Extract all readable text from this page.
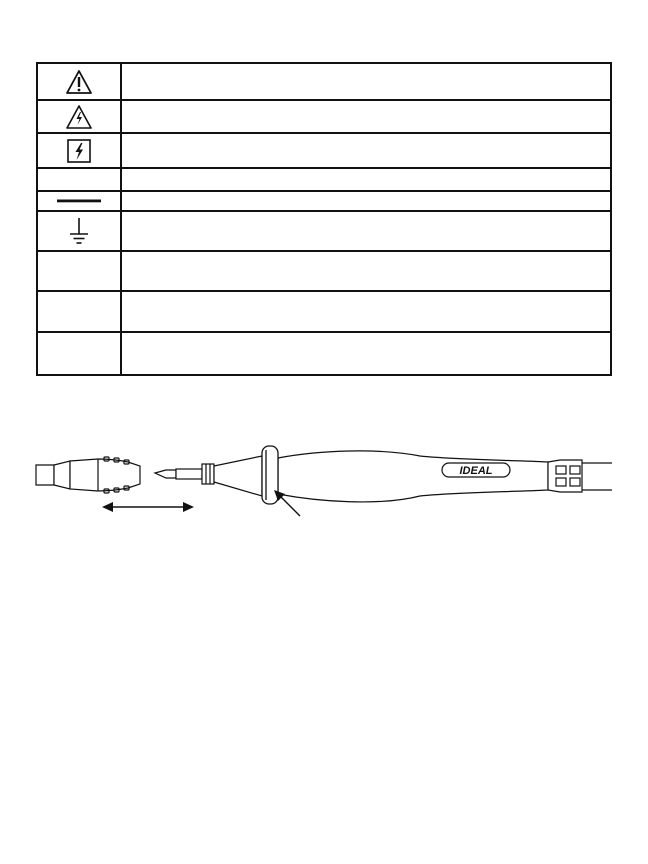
IDEAL
